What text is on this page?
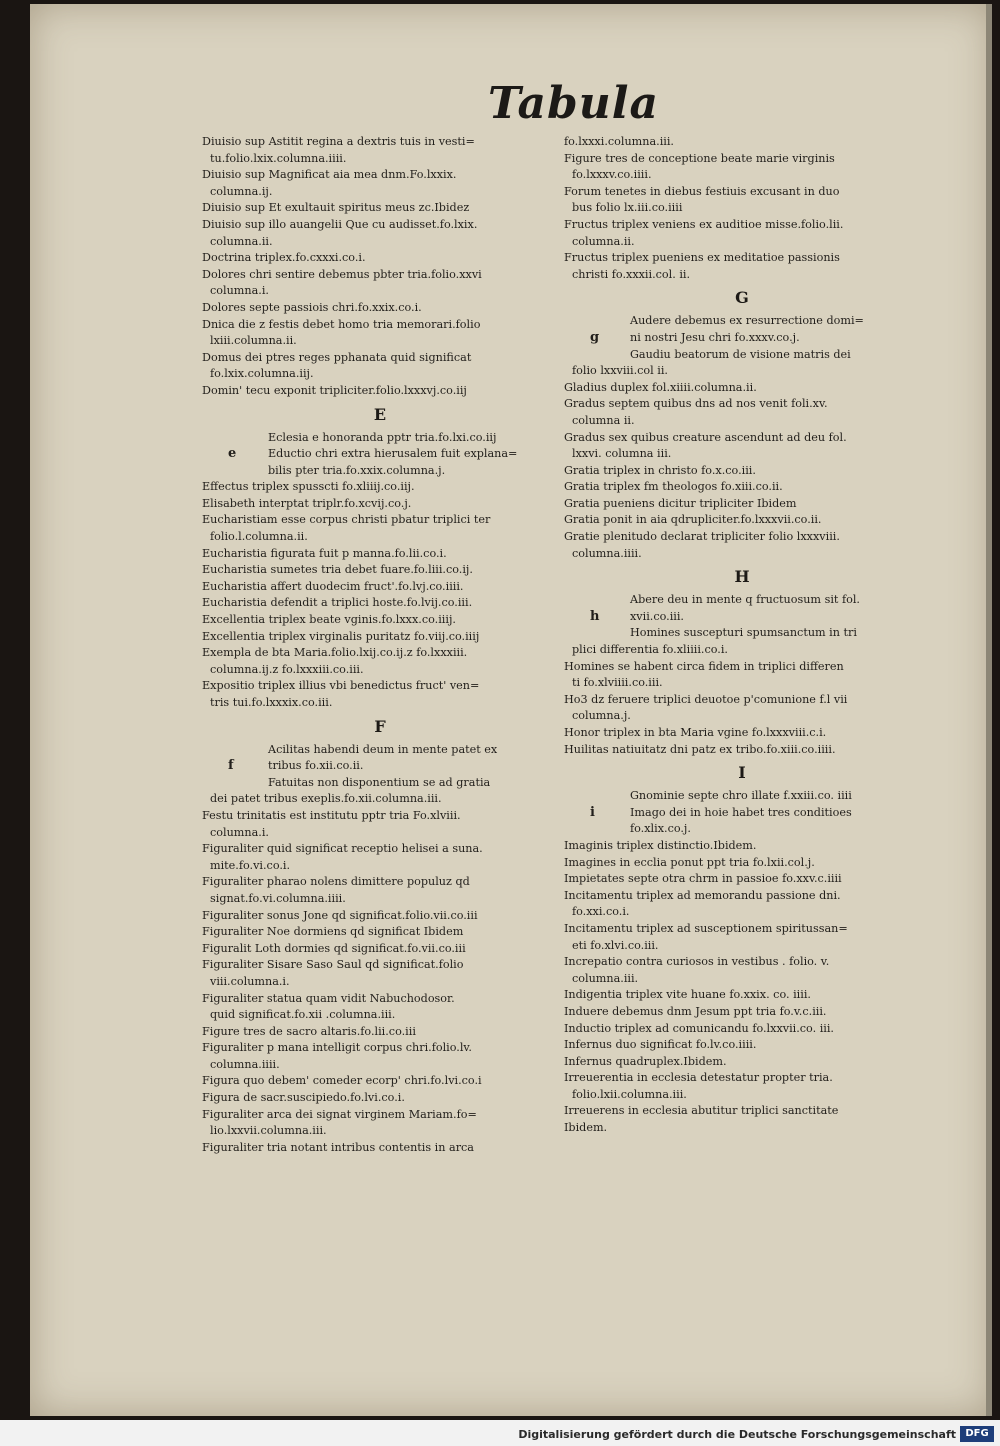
Tabula
Diuisio sup Astitit regina a dextris tuis in vesti=
tu.folio.lxix.columna.iiii.
Diuisio sup Magnificat aia mea dnm.Fo.lxxix.
columna.ij.
Diuisio sup Et exultauit spiritus meus zc.Ibidez
Diuisio sup illo auangelii Que cu audisset.fo.lxix.
columna.ii.
Doctrina triplex.fo.cxxxi.co.i.
Dolores chri sentire debemus pbter tria.folio.xxvi
columna.i.
Dolores septe passiois chri.fo.xxix.co.i.
Dnica die z festis debet homo tria memorari.folio
lxiii.columna.ii.
Domus dei ptres reges pphanata quid significat
fo.lxix.columna.iij.
Domin' tecu exponit tripliciter.folio.lxxxvj.co.iij
E
Eclesia e honoranda pptr tria.fo.lxi.co.iij
e	Eductio chri extra hierusalem fuit explana=
bilis pter tria.fo.xxix.columna.j.
Effectus triplex spusscti fo.xliiij.co.iij.
Elisabeth interptat triplr.fo.xcvij.co.j.
Eucharistiam esse corpus christi pbatur triplici ter
folio.l.columna.ii.
Eucharistia figurata fuit p manna.fo.lii.co.i.
Eucharistia sumetes tria debet fuare.fo.liii.co.ij.
Eucharistia affert duodecim fruct'.fo.lvj.co.iiii.
Eucharistia defendit a triplici hoste.fo.lvij.co.iii.
Excellentia triplex beate vginis.fo.lxxx.co.iiij.
Excellentia triplex virginalis puritatz fo.viij.co.iiij
Exempla de bta Maria.folio.lxij.co.ij.z fo.lxxxiii.
columna.ij.z fo.lxxxiii.co.iii.
Expositio triplex illius vbi benedictus fruct' ven=
tris tui.fo.lxxxix.co.iii.
F
Acilitas habendi deum in mente patet ex
f	tribus fo.xii.co.ii.
Fatuitas non disponentium se ad gratia
dei patet tribus exeplis.fo.xii.columna.iii.
Festu trinitatis est institutu pptr tria Fo.xlviii.
columna.i.
Figuraliter quid significat receptio helisei a suna.
mite.fo.vi.co.i.
Figuraliter pharao nolens dimittere populuz qd
signat.fo.vi.columna.iiii.
Figuraliter sonus Jone qd significat.folio.vii.co.iii
Figuraliter Noe dormiens qd significat Ibidem
Figuralit Loth dormies qd significat.fo.vii.co.iii
Figuraliter Sisare Saso Saul qd significat.folio
viii.columna.i.
Figuraliter statua quam vidit Nabuchodosor.
quid significat.fo.xii .columna.iii.
Figure tres de sacro altaris.fo.lii.co.iii
Figuraliter p mana intelligit corpus chri.folio.lv.
columna.iiii.
Figura quo debem' comeder ecorp' chri.fo.lvi.co.i
Figura de sacr.suscipiedo.fo.lvi.co.i.
Figuraliter arca dei signat virginem Mariam.fo=
lio.lxxvii.columna.iii.
Figuraliter tria notant intribus contentis in arca
fo.lxxxi.columna.iii.
Figure tres de conceptione beate marie virginis
fo.lxxxv.co.iiii.
Forum tenetes in diebus festiuis excusant in duo
bus folio lx.iii.co.iiii
Fructus triplex veniens ex auditioe misse.folio.lii.
columna.ii.
Fructus triplex pueniens ex meditatioe passionis
christi fo.xxxii.col. ii.
G
Audere debemus ex resurrectione domi=
g	ni nostri Jesu chri fo.xxxv.co.j.
Gaudiu beatorum de visione matris dei
folio lxxviii.col ii.
Gladius duplex fol.xiiii.columna.ii.
Gradus septem quibus dns ad nos venit foli.xv.
columna ii.
Gradus sex quibus creature ascendunt ad deu fol.
lxxvi. columna iii.
Gratia triplex in christo fo.x.co.iii.
Gratia triplex fm theologos fo.xiii.co.ii.
Gratia pueniens dicitur tripliciter Ibidem
Gratia ponit in aia qdrupliciter.fo.lxxxvii.co.ii.
Gratie plenitudo declarat tripliciter folio lxxxviii.
columna.iiii.
H
Abere deu in mente q fructuosum sit fol.
h	xvii.co.iii.
Homines suscepturi spumsanctum in tri
plici differentia fo.xliiii.co.i.
Homines se habent circa fidem in triplici differen
ti fo.xlviiii.co.iii.
Ho3 dz feruere triplici deuotoe p'comunione f.l vii
columna.j.
Honor triplex in bta Maria vgine fo.lxxxviii.c.i.
Huilitas natiuitatz dni patz ex tribo.fo.xiii.co.iiii.
I
Gnominie septe chro illate f.xxiii.co. iiii
i	Imago dei in hoie habet tres conditioes
fo.xlix.co.j.
Imaginis triplex distinctio.Ibidem.
Imagines in ecclia ponut ppt tria fo.lxii.col.j.
Impietates septe otra chrm in passioe fo.xxv.c.iiii
Incitamentu triplex ad memorandu passione dni.
fo.xxi.co.i.
Incitamentu triplex ad susceptionem spiritussan=
eti fo.xlvi.co.iii.
Increpatio contra curiosos in vestibus . folio. v.
columna.iii.
Indigentia triplex vite huane fo.xxix. co. iiii.
Induere debemus dnm Jesum ppt tria fo.v.c.iii.
Inductio triplex ad comunicandu fo.lxxvii.co. iii.
Infernus duo significat fo.lv.co.iiii.
Infernus quadruplex.Ibidem.
Irreuerentia in ecclesia detestatur propter tria.
folio.lxii.columna.iii.
Irreuerens in ecclesia abutitur triplici sanctitate
Ibidem.
Digitalisierung gefördert durch die Deutsche Forschungsgemeinschaft DFG
